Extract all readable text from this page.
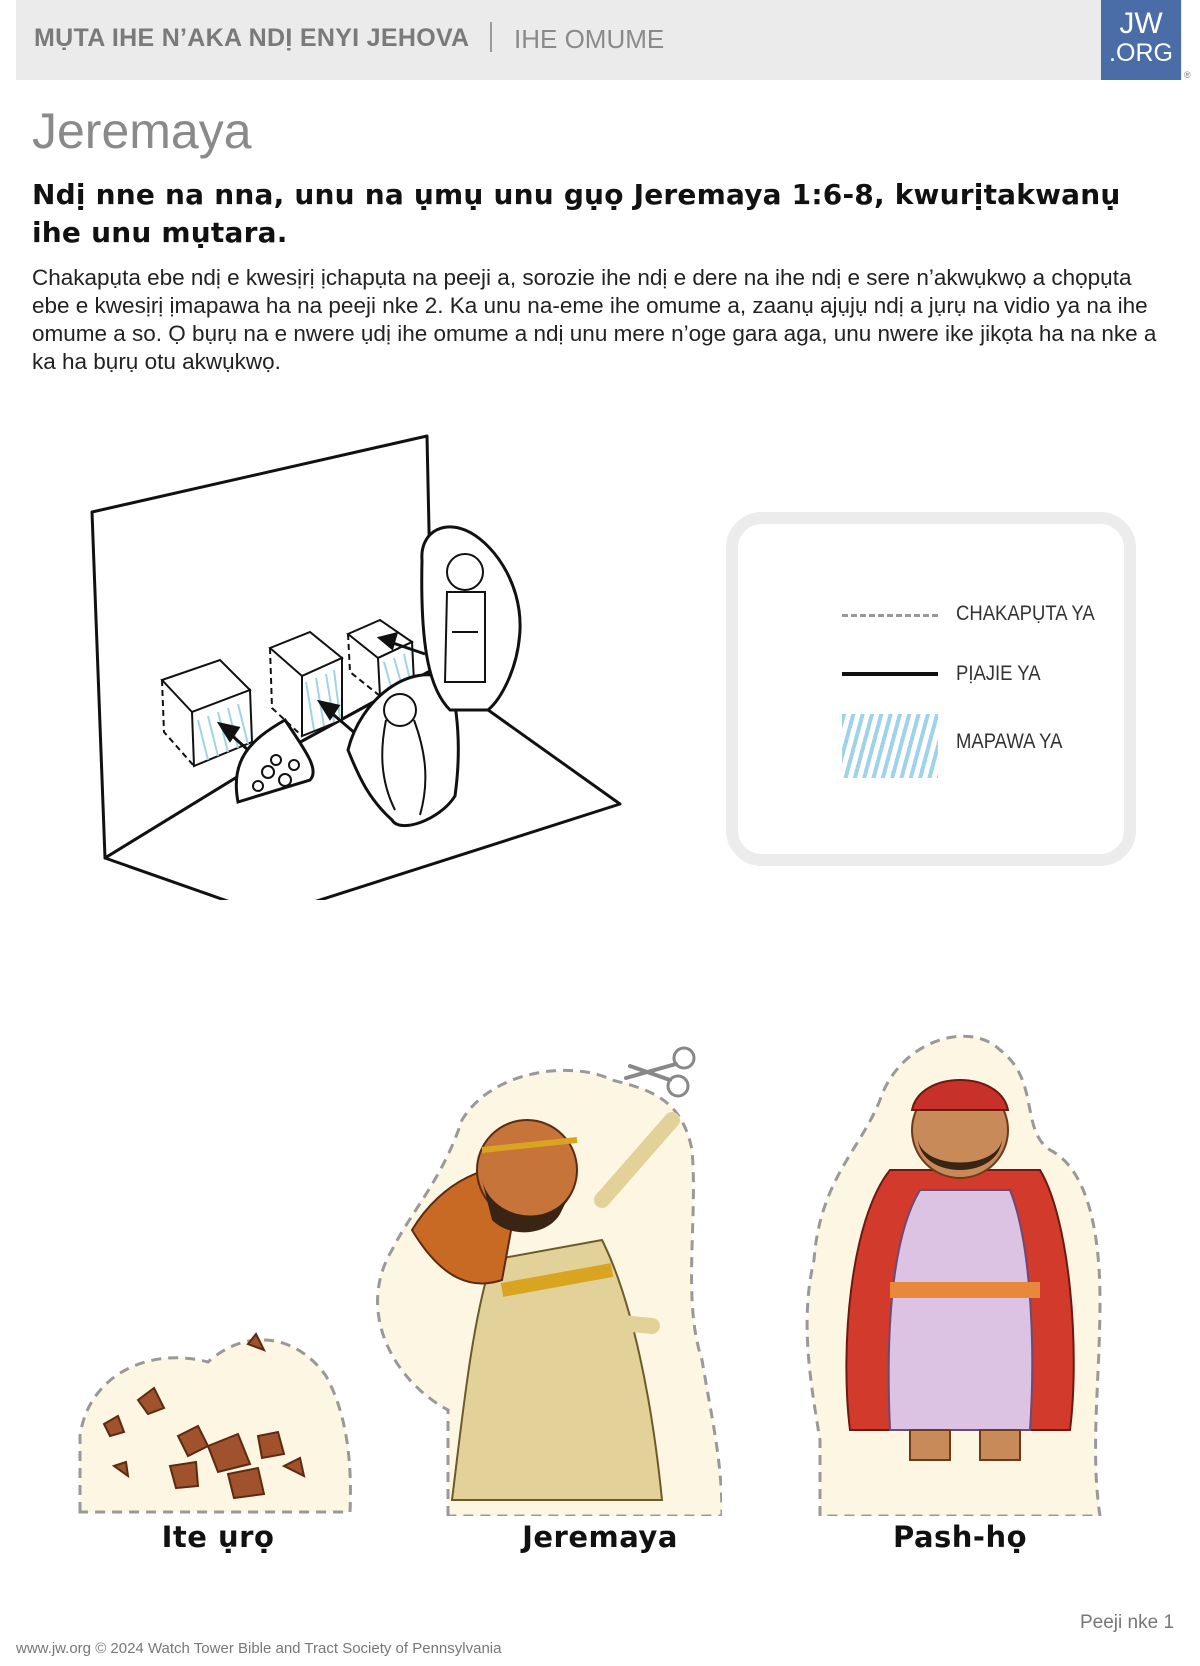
MỤTA IHE N’AKA NDỊ ENYI JEHOVA IHE OMUME	JW
.ORG
®
Jeremaya
Ndị nne na nna, unu na ụmụ unu gụọ Jeremaya 1:6-8, kwurịtakwanụ ihe unu mụtara.
Chakapụta ebe ndị e kwesịrị ịchapụta na peeji a, sorozie ihe ndị e dere na ihe ndị e sere n’akwụkwọ a chọpụta ebe e kwesịrị ịmapawa ha na peeji nke 2. Ka unu na-eme ihe omume a, zaanụ ajụjụ ndị a jụrụ na vidio ya na ihe omume a so. Ọ bụrụ na e nwere ụdị ihe omume a ndị unu mere n’oge gara aga, unu nwere ike jikọta ha na nke a ka ha bụrụ otu akwụkwọ.
CHAKAPỤTA YA
PỊAJIE YA
MAPAWA YA
Ite ụrọ	Jeremaya	Pash-họ
Peeji nke 1
www.jw.org © 2024 Watch Tower Bible and Tract Society of Pennsylvania
